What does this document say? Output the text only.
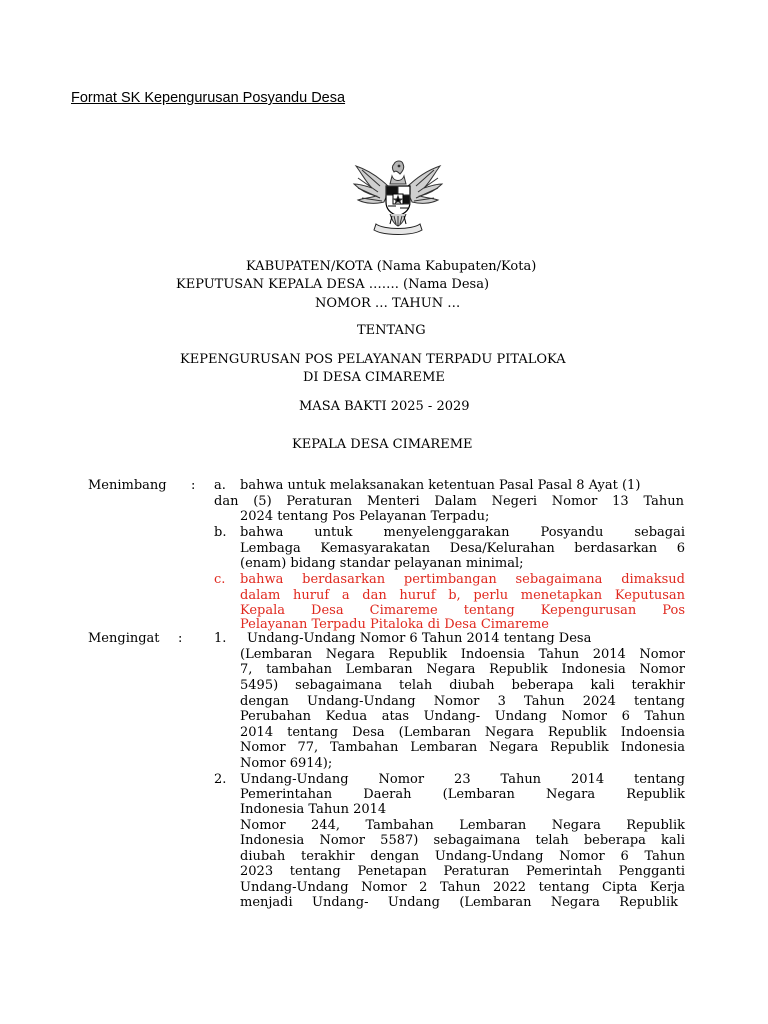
Format SK Kepengurusan Posyandu Desa
KABUPATEN/KOTA (Nama Kabupaten/Kota)
KEPUTUSAN KEPALA DESA ……. (Nama Desa)
NOMOR … TAHUN …
TENTANG
KEPENGURUSAN POS PELAYANAN TERPADU PITALOKA
DI DESA CIMAREME
MASA BAKTI 2025 - 2029
KEPALA DESA CIMAREME
Menimbang : a. bahwa untuk melaksanakan ketentuan Pasal Pasal 8 Ayat (1)
dan (5) Peraturan Menteri Dalam Negeri Nomor 13 Tahun
2024 tentang Pos Pelayanan Terpadu;
b. bahwa untuk menyelenggarakan Posyandu sebagai
Lembaga Kemasyarakatan Desa/Kelurahan berdasarkan 6
(enam) bidang standar pelayanan minimal;
c. bahwa berdasarkan pertimbangan sebagaimana dimaksud
dalam huruf a dan huruf b, perlu menetapkan Keputusan
Kepala Desa Cimareme tentang Kepengurusan Pos
Pelayanan Terpadu Pitaloka di Desa Cimareme
Mengingat : 1. Undang-Undang Nomor 6 Tahun 2014 tentang Desa
(Lembaran Negara Republik Indoensia Tahun 2014 Nomor
7, tambahan Lembaran Negara Republik Indonesia Nomor
5495) sebagaimana telah diubah beberapa kali terakhir
dengan Undang-Undang Nomor 3 Tahun 2024 tentang
Perubahan Kedua atas Undang- Undang Nomor 6 Tahun
2014 tentang Desa (Lembaran Negara Republik Indoensia
Nomor 77, Tambahan Lembaran Negara Republik Indonesia
Nomor 6914);
2. Undang-Undang Nomor 23 Tahun 2014 tentang
Pemerintahan Daerah (Lembaran Negara Republik
Indonesia Tahun 2014
Nomor 244, Tambahan Lembaran Negara Republik
Indonesia Nomor 5587) sebagaimana telah beberapa kali
diubah terakhir dengan Undang-Undang Nomor 6 Tahun
2023 tentang Penetapan Peraturan Pemerintah Pengganti
Undang-Undang Nomor 2 Tahun 2022 tentang Cipta Kerja
menjadi Undang- Undang (Lembaran Negara Republik
